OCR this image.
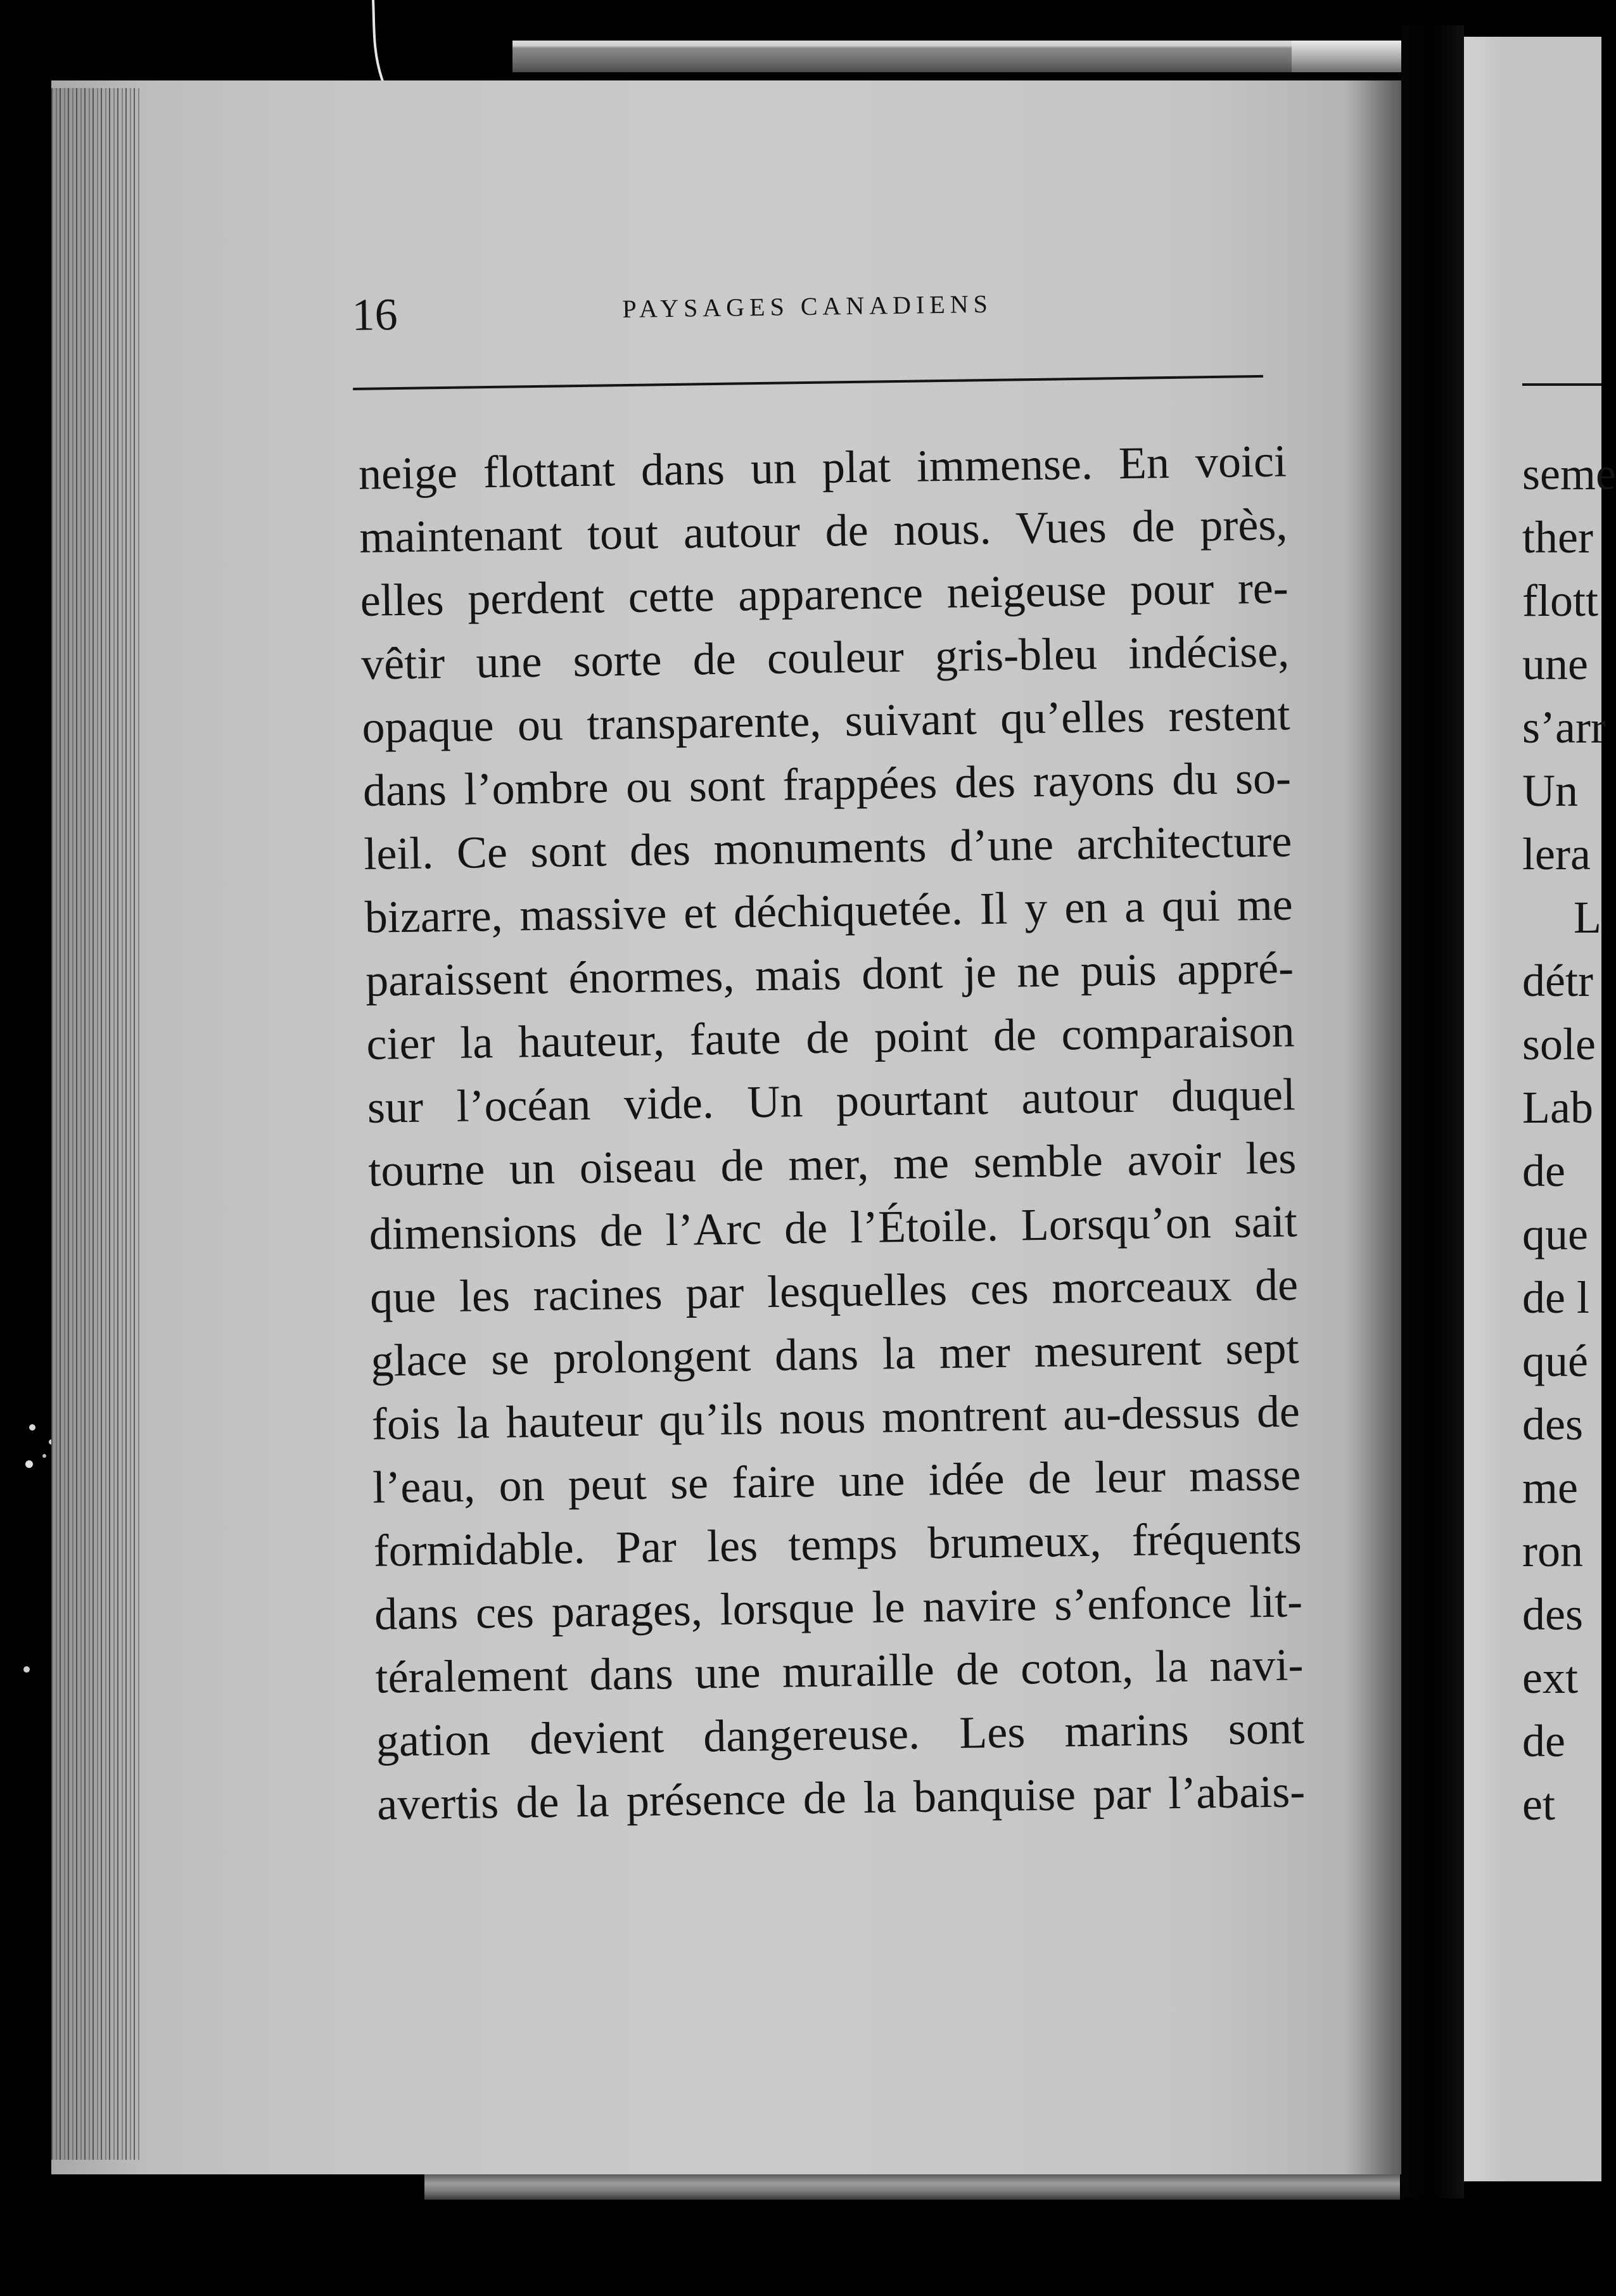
16	PAYSAGES CANADIENS
neige flottant dans un plat immense. En voici
maintenant tout autour de nous. Vues de près,
elles perdent cette apparence neigeuse pour re-
vêtir une sorte de couleur gris-bleu indécise,
opaque ou transparente, suivant qu’elles restent
dans l’ombre ou sont frappées des rayons du so-
leil. Ce sont des monuments d’une architecture
bizarre, massive et déchiquetée. Il y en a qui me
paraissent énormes, mais dont je ne puis appré-
cier la hauteur, faute de point de comparaison
sur l’océan vide. Un pourtant autour duquel
tourne un oiseau de mer, me semble avoir les
dimensions de l’Arc de l’Étoile. Lorsqu’on sait
que les racines par lesquelles ces morceaux de
glace se prolongent dans la mer mesurent sept
fois la hauteur qu’ils nous montrent au-dessus de
l’eau, on peut se faire une idée de leur masse
formidable. Par les temps brumeux, fréquents
dans ces parages, lorsque le navire s’enfonce lit-
téralement dans une muraille de coton, la navi-
gation devient dangereuse. Les marins sont
avertis de la présence de la banquise par l’abais-
seme
ther
flott
une
s’arr
Un
lera
L
détr
sole
Lab
de
que
de l
qué
des
me
ron
des
ext
de
et
